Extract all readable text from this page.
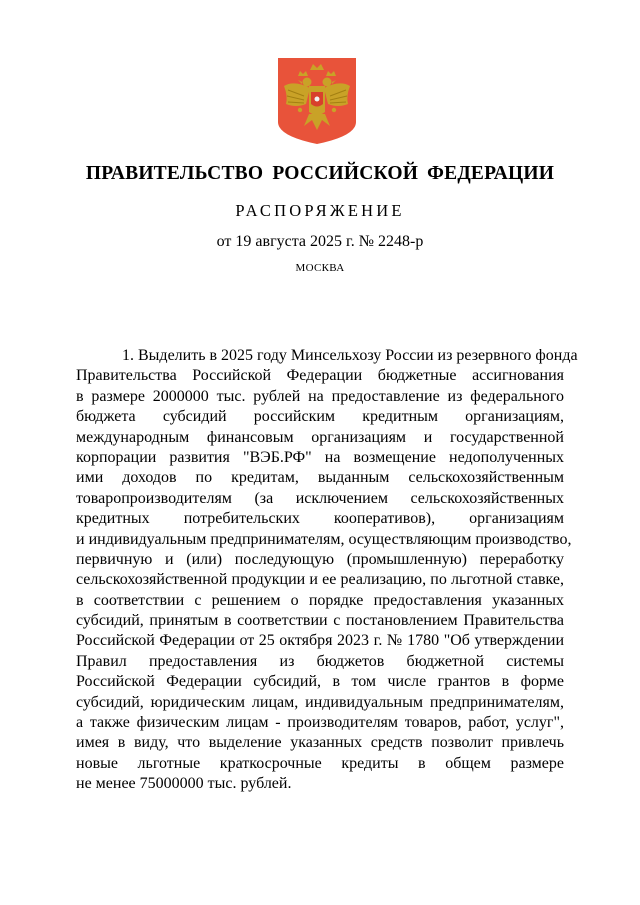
ПРАВИТЕЛЬСТВО РОССИЙСКОЙ ФЕДЕРАЦИИ
РАСПОРЯЖЕНИЕ
от 19 августа 2025 г. № 2248-р
МОСКВА
1. Выделить в 2025 году Минсельхозу России из резервного фонда
Правительства Российской Федерации бюджетные ассигнования
в размере 2000000 тыс. рублей на предоставление из федерального
бюджета субсидий российским кредитным организациям,
международным финансовым организациям и государственной
корпорации развития "ВЭБ.РФ" на возмещение недополученных
ими доходов по кредитам, выданным сельскохозяйственным
товаропроизводителям (за исключением сельскохозяйственных
кредитных потребительских кооперативов), организациям
и индивидуальным предпринимателям, осуществляющим производство,
первичную и (или) последующую (промышленную) переработку
сельскохозяйственной продукции и ее реализацию, по льготной ставке,
в соответствии с решением о порядке предоставления указанных
субсидий, принятым в соответствии с постановлением Правительства
Российской Федерации от 25 октября 2023 г. № 1780 "Об утверждении
Правил предоставления из бюджетов бюджетной системы
Российской Федерации субсидий, в том числе грантов в форме
субсидий, юридическим лицам, индивидуальным предпринимателям,
а также физическим лицам - производителям товаров, работ, услуг",
имея в виду, что выделение указанных средств позволит привлечь
новые льготные краткосрочные кредиты в общем размере
не менее 75000000 тыс. рублей.
